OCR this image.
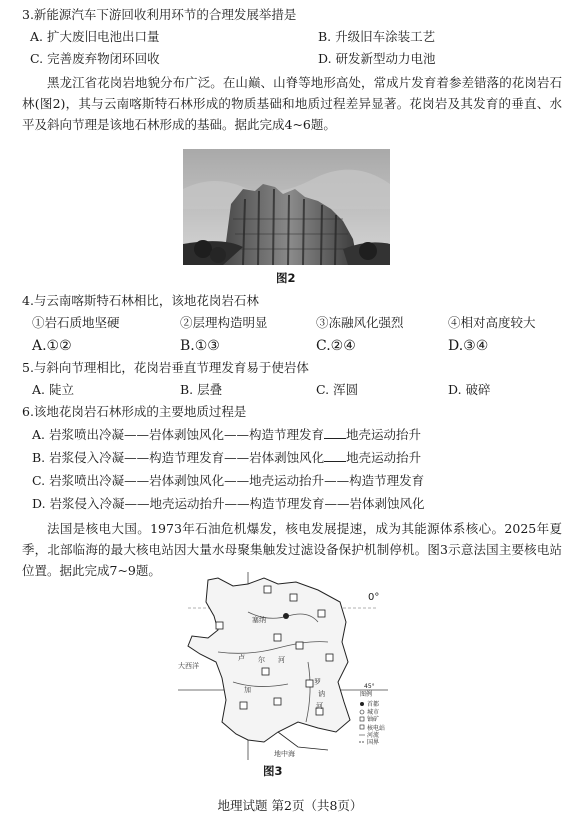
3.新能源汽车下游回收利用环节的合理发展举措是
A. 扩大废旧电池出口量	B. 升级旧车涂装工艺
C. 完善废弃物闭环回收	D. 研发新型动力电池
黑龙江省花岗岩地貌分布广泛。在山巅、山脊等地形高处，常成片发育着参差错落的花岗岩石林(图2)，其与云南喀斯特石林形成的物质基础和地质过程差异显著。花岗岩及其发育的垂直、水平及斜向节理是该地石林形成的基础。据此完成4~6题。
图2
4.与云南喀斯特石林相比，该地花岗岩石林
①岩石质地坚硬	②层理构造明显	③冻融风化强烈	④相对高度较大
A.①②	B.①③	C.②④	D.③④
5.与斜向节理相比，花岗岩垂直节理发育易于使岩体
A. 陡立	B. 层叠	C. 浑圆	D. 破碎
6.该地花岗岩石林形成的主要地质过程是
A. 岩浆喷出冷凝——岩体剥蚀风化——构造节理发育 地壳运动抬升
B. 岩浆侵入冷凝——构造节理发育——岩体剥蚀风化 地壳运动抬升
C. 岩浆喷出冷凝——岩体剥蚀风化——地壳运动抬升——构造节理发育
D. 岩浆侵入冷凝——地壳运动抬升——构造节理发育——岩体剥蚀风化
法国是核电大国。1973年石油危机爆发，核电发展提速，成为其能源体系核心。2025年夏季，北部临海的最大核电站因大量水母聚集触发过滤设备保护机制停机。图3示意法国主要核电站位置。据此完成7~9题。
大西洋
地中海
塞纳
卢 尔 河
罗
讷
河
加
0°
45°
图例
首都
城市
铀矿
核电站
河流
国界
图3
地理试题 第2页（共8页）
